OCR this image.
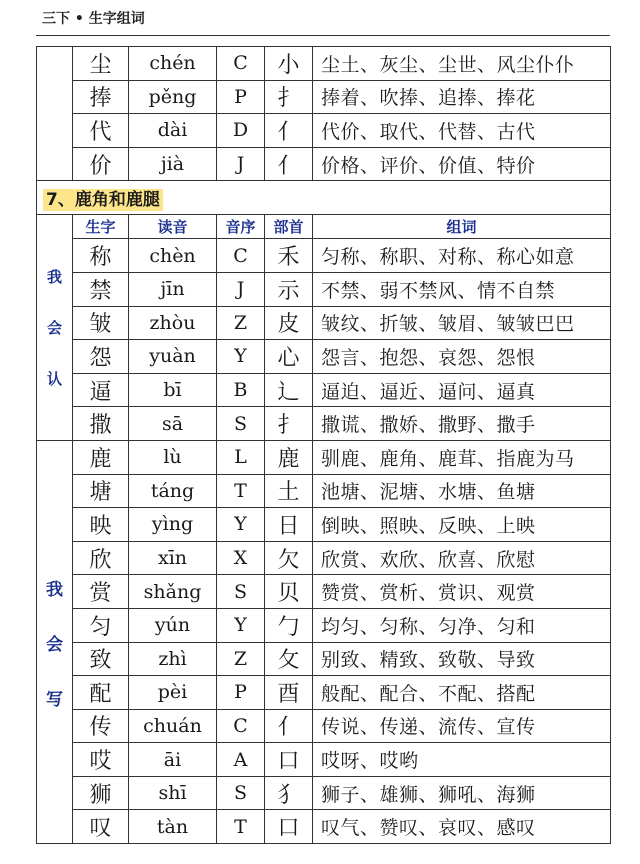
三下 • 生字组词
	尘	chén	C	小	尘土、灰尘、尘世、风尘仆仆
	捧	pěng	P	扌	捧着、吹捧、追捧、捧花
	代	dài	D	亻	代价、取代、代替、古代
	价	jià	J	亻	价格、评价、价值、特价
7、鹿角和鹿腿					

我
会
认	生字	读音	音序	部首	组词
	称	chèn	C	禾	匀称、称职、对称、称心如意
	禁	jīn	J	示	不禁、弱不禁风、情不自禁
	皱	zhòu	Z	皮	皱纹、折皱、皱眉、皱皱巴巴
	怨	yuàn	Y	心	怨言、抱怨、哀怨、怨恨
	逼	bī	B	辶	逼迫、逼近、逼问、逼真
	撒	sā	S	扌	撒谎、撒娇、撒野、撒手

我
会
写	鹿	lù	L	鹿	驯鹿、鹿角、鹿茸、指鹿为马
	塘	táng	T	土	池塘、泥塘、水塘、鱼塘
	映	yìng	Y	日	倒映、照映、反映、上映
	欣	xīn	X	欠	欣赏、欢欣、欣喜、欣慰
	赏	shǎng	S	贝	赞赏、赏析、赏识、观赏
	匀	yún	Y	勹	均匀、匀称、匀净、匀和
	致	zhì	Z	攵	别致、精致、致敬、导致
	配	pèi	P	酉	般配、配合、不配、搭配
	传	chuán	C	亻	传说、传递、流传、宣传
	哎	āi	A	口	哎呀、哎哟
	狮	shī	S	犭	狮子、雄狮、狮吼、海狮
	叹	tàn	T	口	叹气、赞叹、哀叹、感叹
